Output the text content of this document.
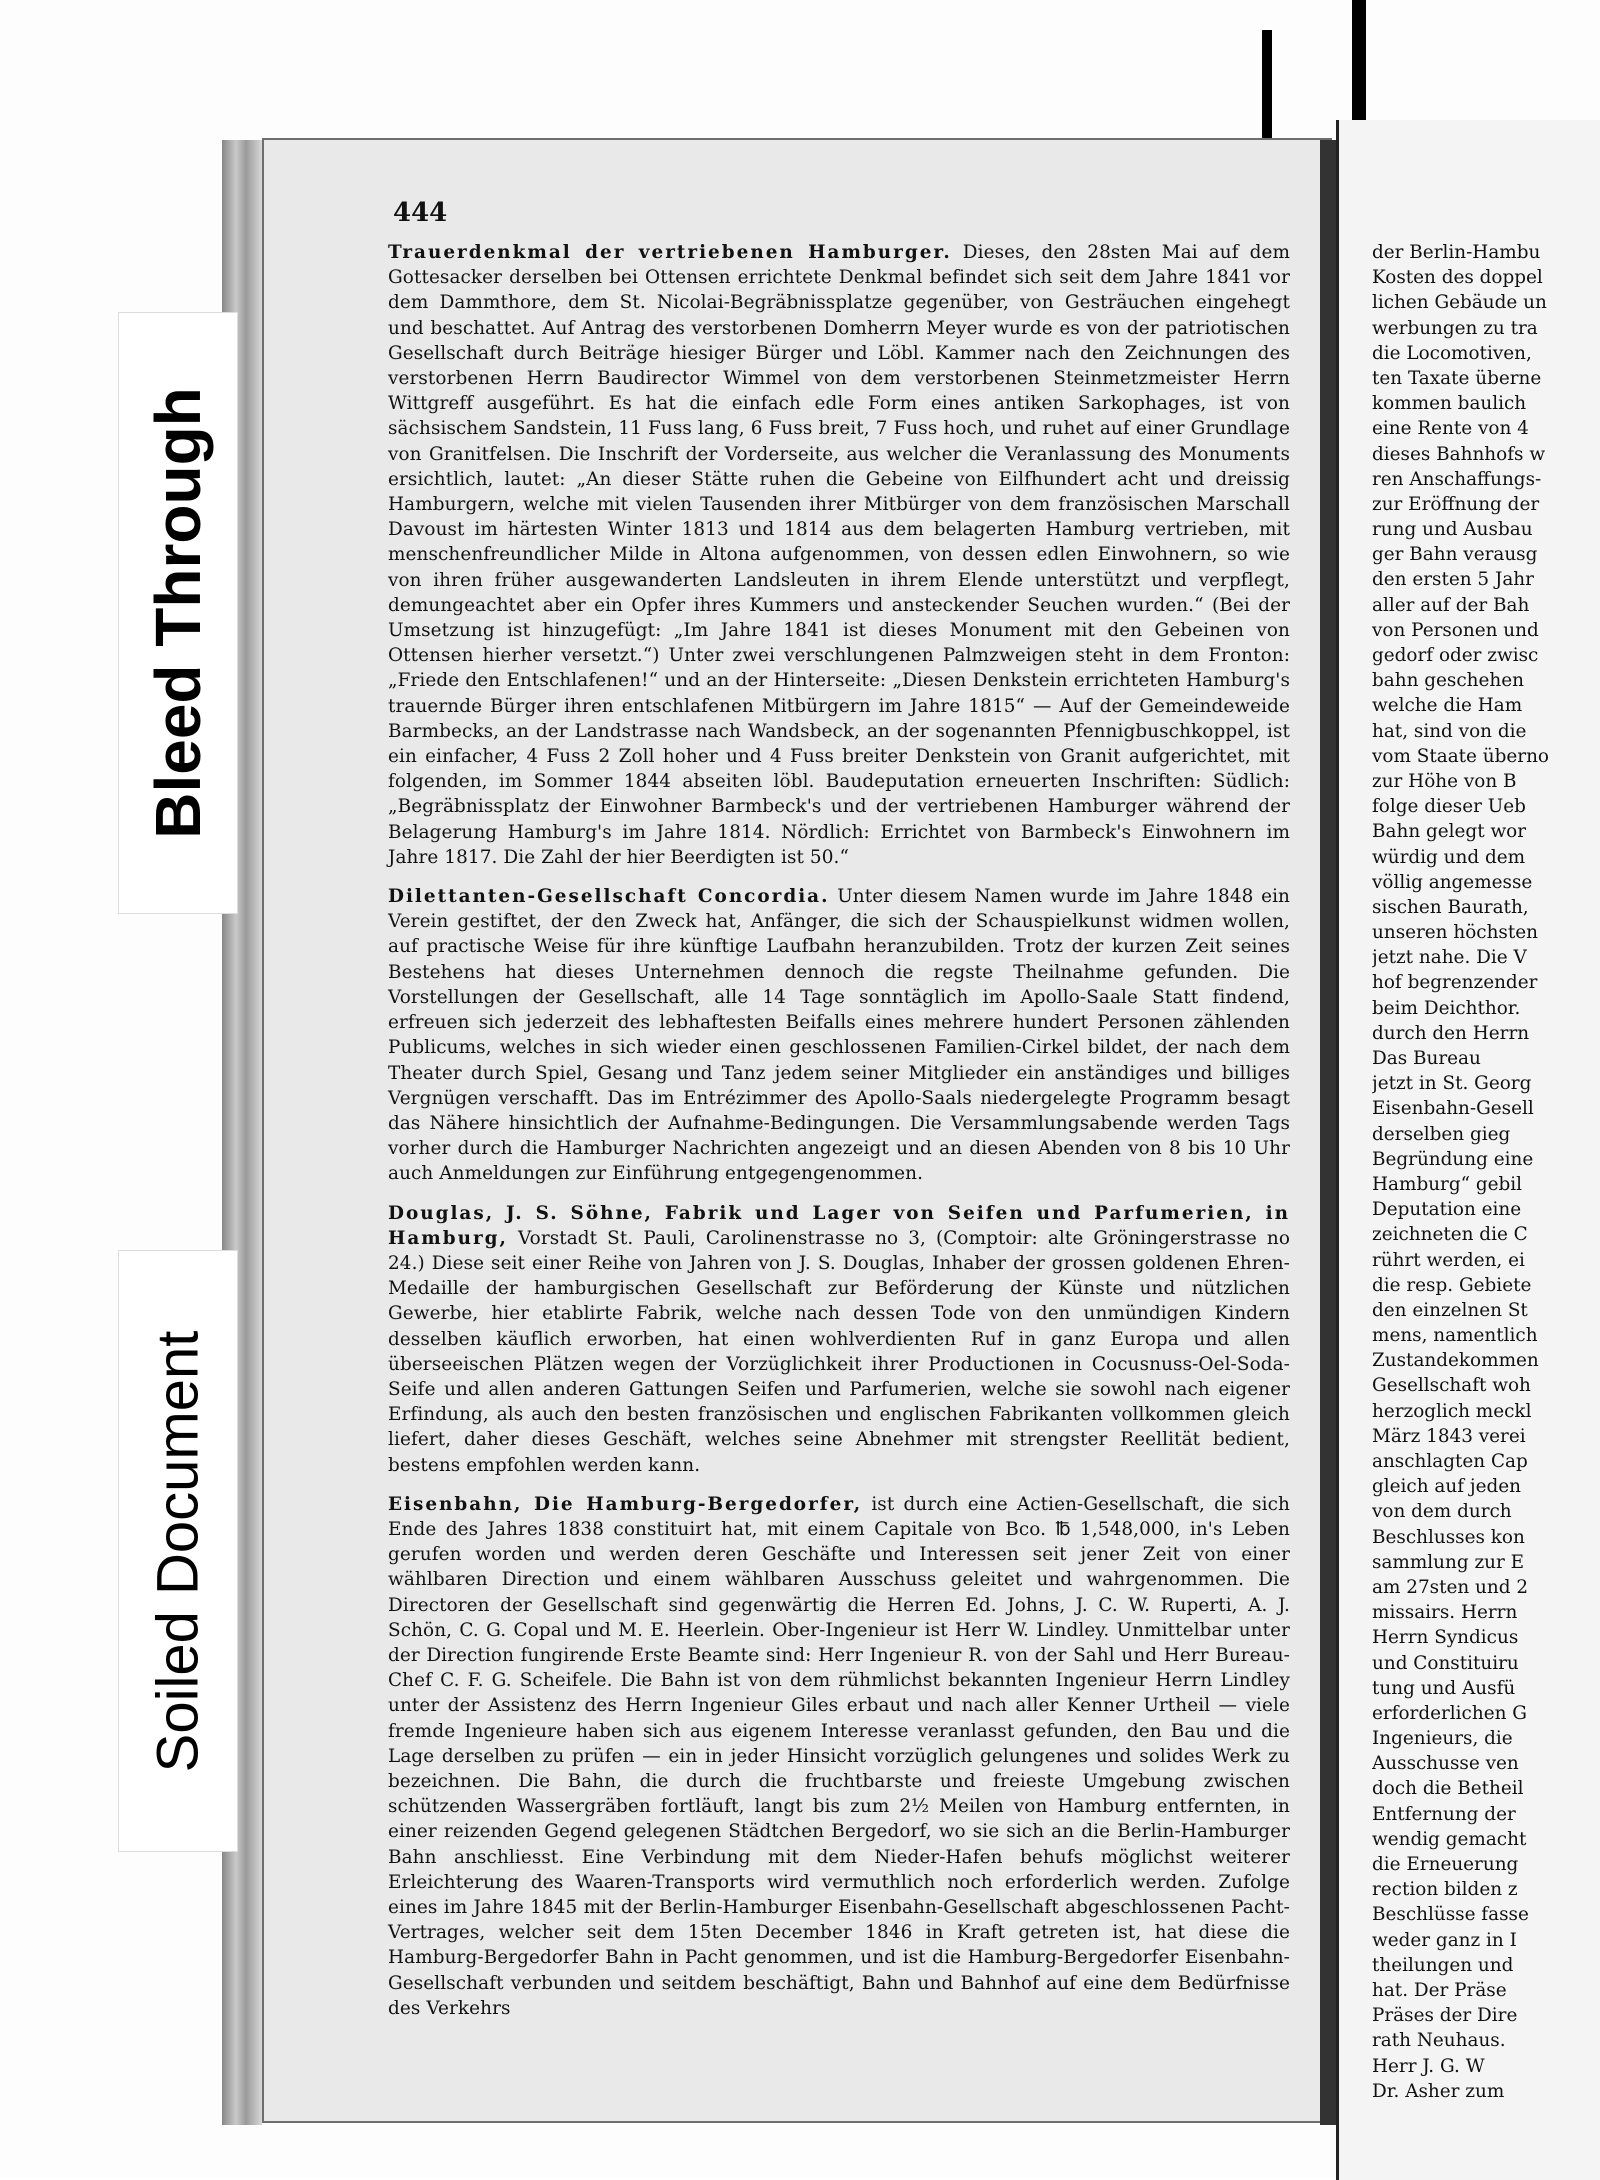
444

Trauerdenkmal der vertriebenen Hamburger. Dieses, den 28sten Mai auf dem Gottesacker derselben bei Ottensen errichtete Denkmal befindet sich seit dem Jahre 1841 vor dem Dammthore, dem St. Nicolai-Begräbnissplatze gegenüber, von Gesträuchen eingehegt und beschattet. Auf Antrag des verstorbenen Domherrn Meyer wurde es von der patriotischen Gesellschaft durch Beiträge hiesiger Bürger und Löbl. Kammer nach den Zeichnungen des verstorbenen Herrn Baudirector Wimmel von dem verstorbenen Steinmetzmeister Herrn Wittgreff ausgeführt. Es hat die einfach edle Form eines antiken Sarkophages, ist von sächsischem Sandstein, 11 Fuss lang, 6 Fuss breit, 7 Fuss hoch, und ruhet auf einer Grundlage von Granitfelsen. Die Inschrift der Vorderseite, aus welcher die Veranlassung des Monuments ersichtlich, lautet: „An dieser Stätte ruhen die Gebeine von Eilfhundert acht und dreissig Hamburgern, welche mit vielen Tausenden ihrer Mitbürger von dem französischen Marschall Davoust im härtesten Winter 1813 und 1814 aus dem belagerten Hamburg vertrieben, mit menschenfreundlicher Milde in Altona aufgenommen, von dessen edlen Einwohnern, so wie von ihren früher ausgewanderten Landsleuten in ihrem Elende unterstützt und verpflegt, demungeachtet aber ein Opfer ihres Kummers und ansteckender Seuchen wurden.“ (Bei der Umsetzung ist hinzugefügt: „Im Jahre 1841 ist dieses Monument mit den Gebeinen von Ottensen hierher versetzt.“) Unter zwei verschlungenen Palmzweigen steht in dem Fronton: „Friede den Entschlafenen!“ und an der Hinterseite: „Diesen Denkstein errichteten Hamburg's trauernde Bürger ihren entschlafenen Mitbürgern im Jahre 1815“ — Auf der Gemeindeweide Barmbecks, an der Landstrasse nach Wandsbeck, an der sogenannten Pfennigbuschkoppel, ist ein einfacher, 4 Fuss 2 Zoll hoher und 4 Fuss breiter Denkstein von Granit aufgerichtet, mit folgenden, im Sommer 1844 abseiten löbl. Baudeputation erneuerten Inschriften: Südlich: „Begräbnissplatz der Einwohner Barmbeck's und der vertriebenen Hamburger während der Belagerung Hamburg's im Jahre 1814. Nördlich: Errichtet von Barmbeck's Einwohnern im Jahre 1817. Die Zahl der hier Beerdigten ist 50.“

Dilettanten-Gesellschaft Concordia. Unter diesem Namen wurde im Jahre 1848 ein Verein gestiftet, der den Zweck hat, Anfänger, die sich der Schauspielkunst widmen wollen, auf practische Weise für ihre künftige Laufbahn heranzubilden. Trotz der kurzen Zeit seines Bestehens hat dieses Unternehmen dennoch die regste Theilnahme gefunden. Die Vorstellungen der Gesellschaft, alle 14 Tage sonntäglich im Apollo-Saale Statt findend, erfreuen sich jederzeit des lebhaftesten Beifalls eines mehrere hundert Personen zählenden Publicums, welches in sich wieder einen geschlossenen Familien-Cirkel bildet, der nach dem Theater durch Spiel, Gesang und Tanz jedem seiner Mitglieder ein anständiges und billiges Vergnügen verschafft. Das im Entrézimmer des Apollo-Saals niedergelegte Programm besagt das Nähere hinsichtlich der Aufnahme-Bedingungen. Die Versammlungsabende werden Tags vorher durch die Hamburger Nachrichten angezeigt und an diesen Abenden von 8 bis 10 Uhr auch Anmeldungen zur Einführung entgegengenommen.

Douglas, J. S. Söhne, Fabrik und Lager von Seifen und Parfumerien, in Hamburg, Vorstadt St. Pauli, Carolinenstrasse no 3, (Comptoir: alte Gröningerstrasse no 24.) Diese seit einer Reihe von Jahren von J. S. Douglas, Inhaber der grossen goldenen Ehren-Medaille der hamburgischen Gesellschaft zur Beförderung der Künste und nützlichen Gewerbe, hier etablirte Fabrik, welche nach dessen Tode von den unmündigen Kindern desselben käuflich erworben, hat einen wohlverdienten Ruf in ganz Europa und allen überseeischen Plätzen wegen der Vorzüglichkeit ihrer Productionen in Cocusnuss-Oel-Soda-Seife und allen anderen Gattungen Seifen und Parfumerien, welche sie sowohl nach eigener Erfindung, als auch den besten französischen und englischen Fabrikanten vollkommen gleich liefert, daher dieses Geschäft, welches seine Abnehmer mit strengster Reellität bedient, bestens empfohlen werden kann.

Eisenbahn, Die Hamburg-Bergedorfer, ist durch eine Actien-Gesellschaft, die sich Ende des Jahres 1838 constituirt hat, mit einem Capitale von Bco. ℔ 1,548,000, in's Leben gerufen worden und werden deren Geschäfte und Interessen seit jener Zeit von einer wählbaren Direction und einem wählbaren Ausschuss geleitet und wahrgenommen. Die Directoren der Gesellschaft sind gegenwärtig die Herren Ed. Johns, J. C. W. Ruperti, A. J. Schön, C. G. Copal und M. E. Heerlein. Ober-Ingenieur ist Herr W. Lindley. Unmittelbar unter der Direction fungirende Erste Beamte sind: Herr Ingenieur R. von der Sahl und Herr Bureau-Chef C. F. G. Scheifele. Die Bahn ist von dem rühmlichst bekannten Ingenieur Herrn Lindley unter der Assistenz des Herrn Ingenieur Giles erbaut und nach aller Kenner Urtheil — viele fremde Ingenieure haben sich aus eigenem Interesse veranlasst gefunden, den Bau und die Lage derselben zu prüfen — ein in jeder Hinsicht vorzüglich gelungenes und solides Werk zu bezeichnen. Die Bahn, die durch die fruchtbarste und freieste Umgebung zwischen schützenden Wassergräben fortläuft, langt bis zum 2½ Meilen von Hamburg entfernten, in einer reizenden Gegend gelegenen Städtchen Bergedorf, wo sie sich an die Berlin-Hamburger Bahn anschliesst. Eine Verbindung mit dem Nieder-Hafen behufs möglichst weiterer Erleichterung des Waaren-Transports wird vermuthlich noch erforderlich werden. Zufolge eines im Jahre 1845 mit der Berlin-Hamburger Eisenbahn-Gesellschaft abgeschlossenen Pacht-Vertrages, welcher seit dem 15ten December 1846 in Kraft getreten ist, hat diese die Hamburg-Bergedorfer Bahn in Pacht genommen, und ist die Hamburg-Bergedorfer Eisenbahn-Gesellschaft verbunden und seitdem beschäftigt, Bahn und Bahnhof auf eine dem Bedürfnisse des Verkehrs

der Berlin-Hambu
Kosten des doppel
lichen Gebäude un
werbungen zu tra
die Locomotiven,
ten Taxate überne
kommen baulich
eine Rente von 4
dieses Bahnhofs w
ren Anschaffungs-
zur Eröffnung der
rung und Ausbau
ger Bahn verausg
den ersten 5 Jahr
aller auf der Bah
von Personen und
gedorf oder zwisc
bahn geschehen
welche die Ham
hat, sind von die
vom Staate überno
zur Höhe von B
folge dieser Ueb
Bahn gelegt wor
würdig und dem
völlig angemesse
sischen Baurath,
unseren höchsten
jetzt nahe. Die V
hof begrenzender
beim Deichthor.
durch den Herrn
Das Bureau
jetzt in St. Georg
Eisenbahn-Gesell
derselben gieg
Begründung eine
Hamburg“ gebil
Deputation eine
zeichneten die C
rührt werden, ei
die resp. Gebiete
den einzelnen St
mens, namentlich
Zustandekommen
Gesellschaft woh
herzoglich meckl
März 1843 verei
anschlagten Cap
gleich auf jeden
von dem durch
Beschlusses kon
sammlung zur E
am 27sten und 2
missairs. Herrn
Herrn Syndicus
und Constituiru
tung und Ausfü
erforderlichen G
Ingenieurs, die
Ausschusse ven
doch die Betheil
Entfernung der
wendig gemacht
die Erneuerung
rection bilden z
Beschlüsse fasse
weder ganz in I
theilungen und
hat. Der Präse
Präses der Dire
rath Neuhaus.
Herr J. G. W
Dr. Asher zum
Bleed Through
Soiled Document
